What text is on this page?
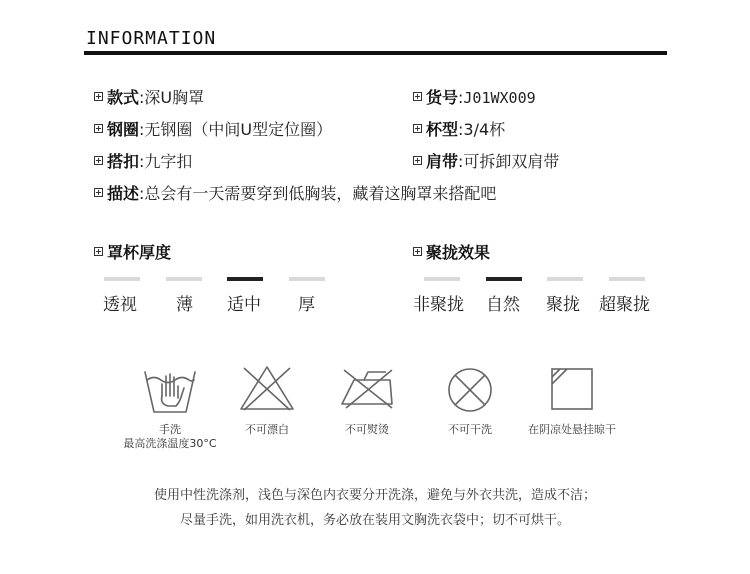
INFORMATION
款式:深U胸罩	货号:J01WX009
钢圈:无钢圈（中间U型定位圈）	杯型:3/4杯
搭扣:九字扣	肩带:可拆卸双肩带
描述:总会有一天需要穿到低胸装，藏着这胸罩来搭配吧
罩杯厚度
透视 薄 适中 厚
聚拢效果
非聚拢 自然 聚拢 超聚拢
手洗
最高洗涤温度30°C
不可漂白	不可熨烫	不可干洗	在阴凉处悬挂晾干
使用中性洗涤剂，浅色与深色内衣要分开洗涤，避免与外衣共洗，造成不洁；
尽量手洗，如用洗衣机，务必放在装用文胸洗衣袋中；切不可烘干。
